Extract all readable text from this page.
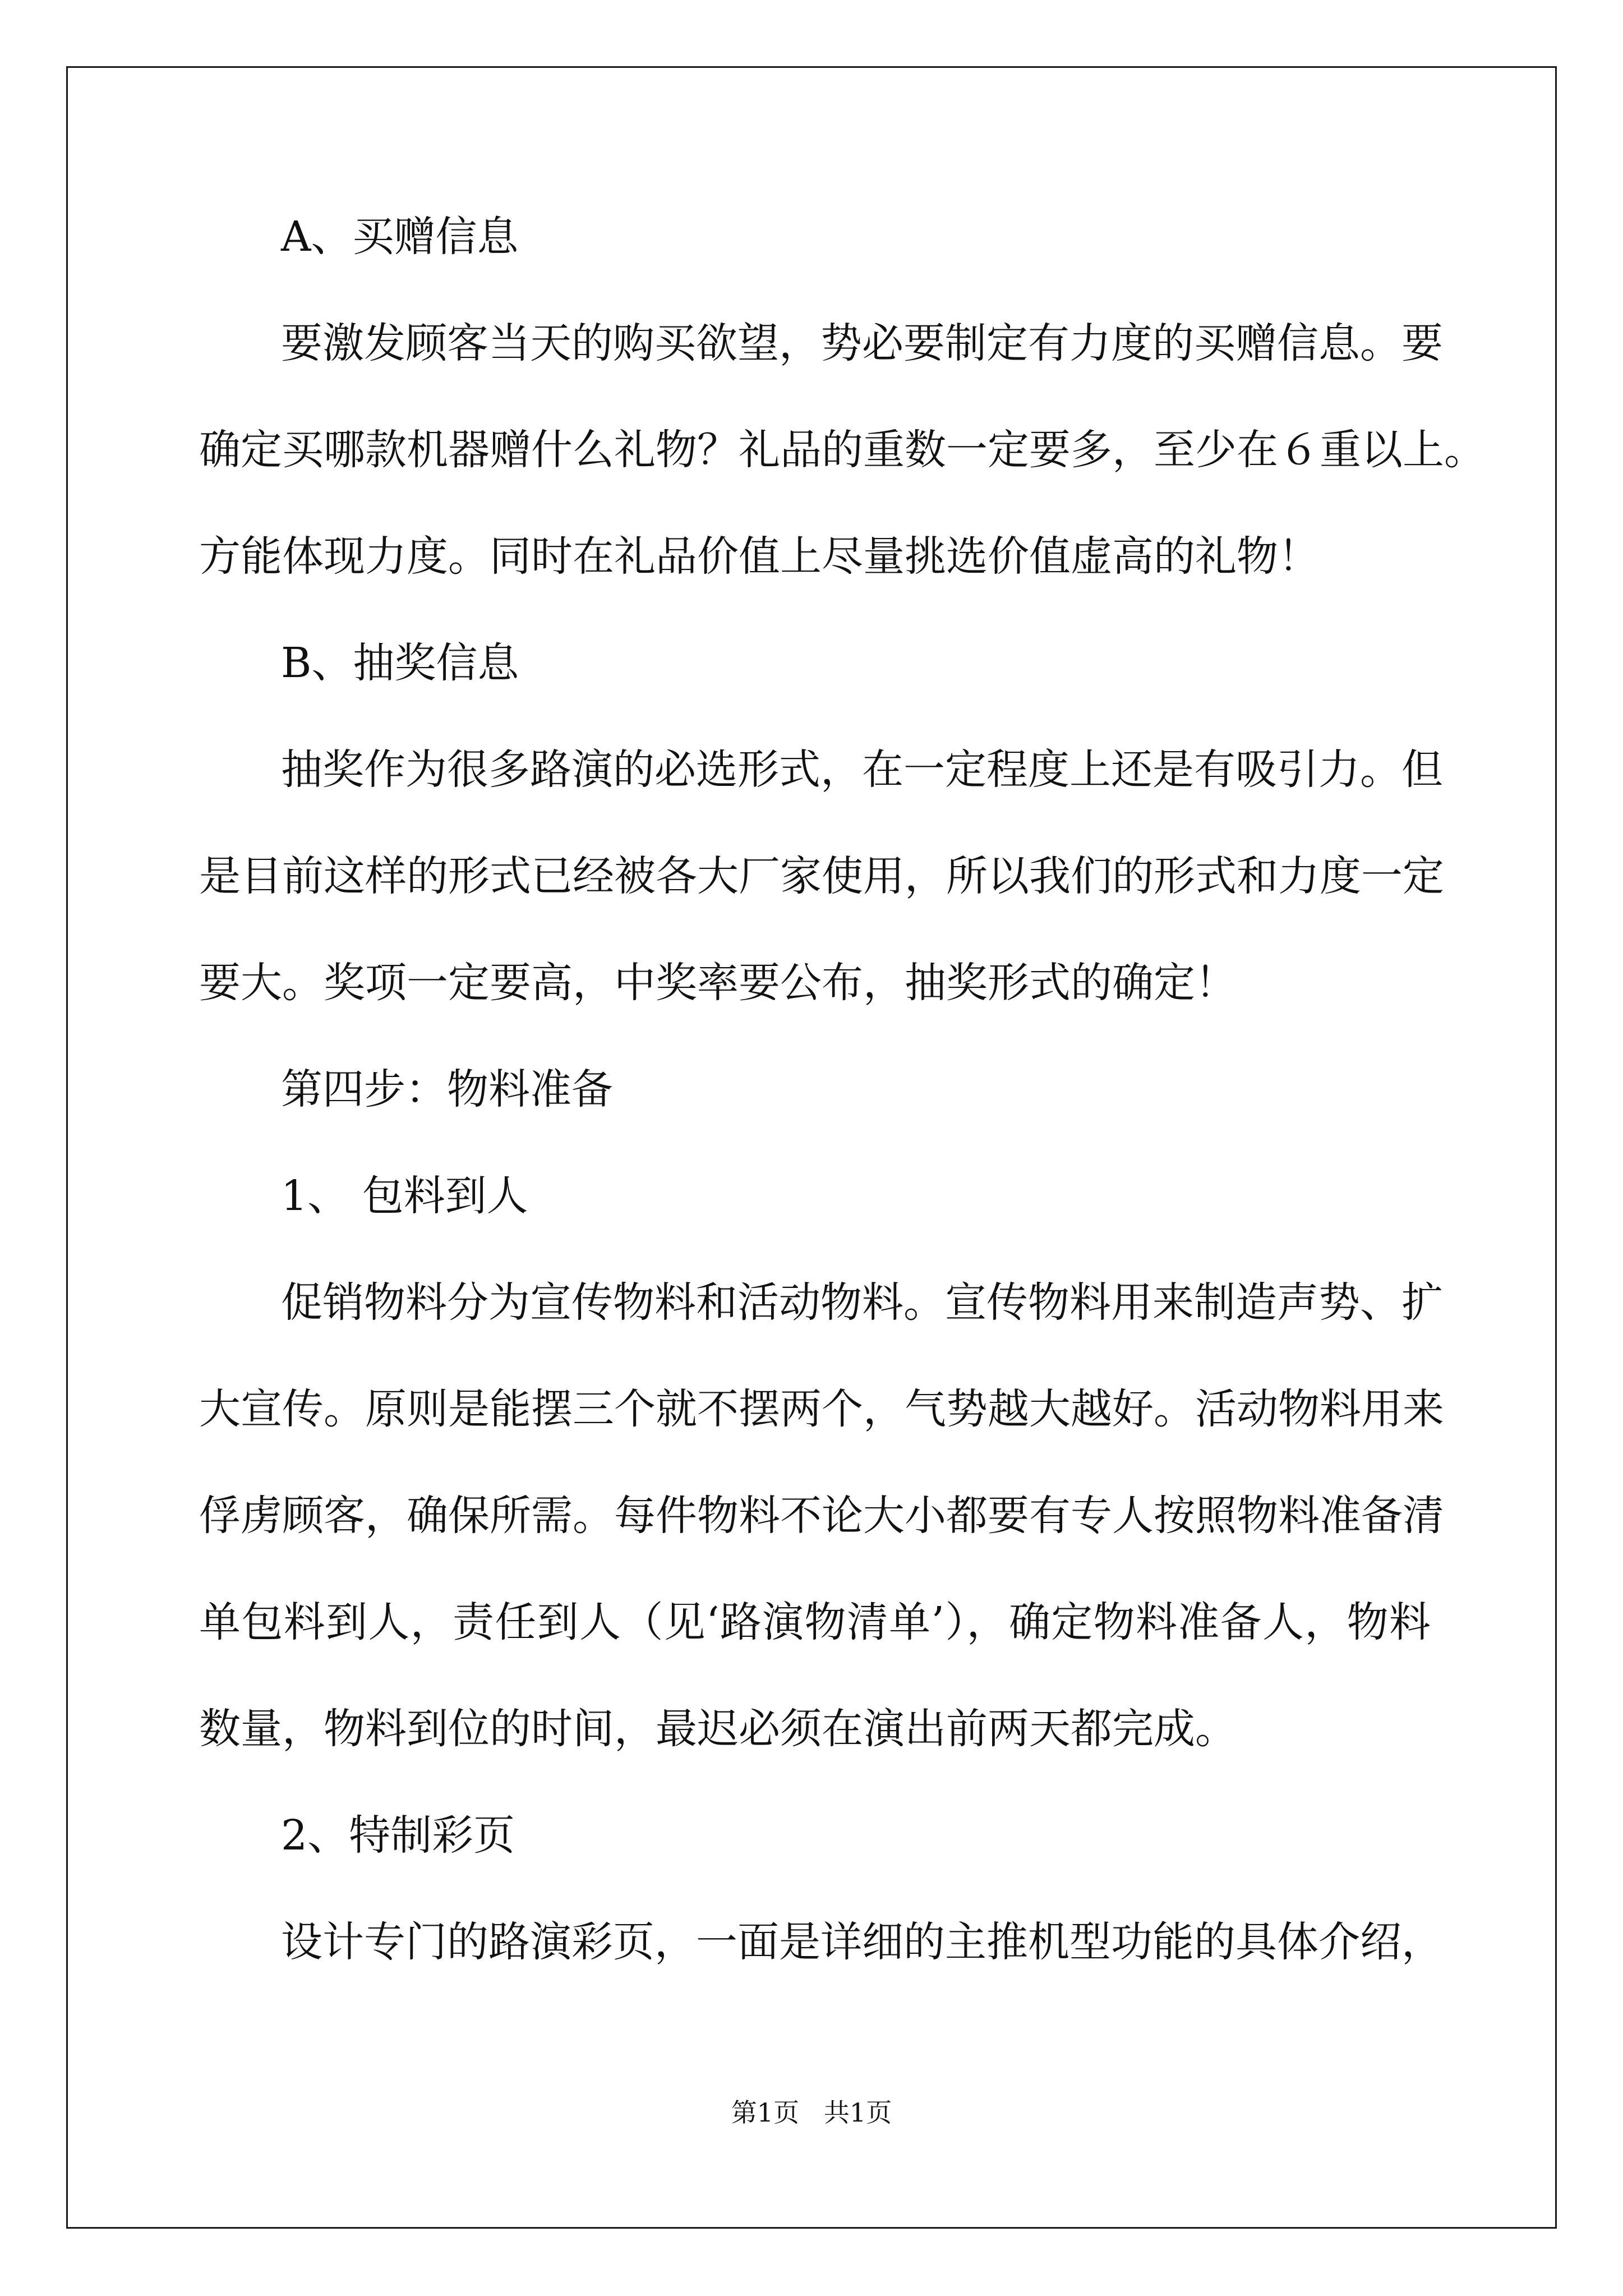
A、买赠信息
要激发顾客当天的购买欲望，势必要制定有力度的买赠信息。要
确定买哪款机器赠什么礼物？礼品的重数一定要多，至少在６重以上。
方能体现力度。同时在礼品价值上尽量挑选价值虚高的礼物！
B、抽奖信息
抽奖作为很多路演的必选形式，在一定程度上还是有吸引力。但
是目前这样的形式已经被各大厂家使用，所以我们的形式和力度一定
要大。奖项一定要高，中奖率要公布，抽奖形式的确定！
第四步：物料准备
1、 包料到人
促销物料分为宣传物料和活动物料。宣传物料用来制造声势、扩
大宣传。原则是能摆三个就不摆两个，气势越大越好。活动物料用来
俘虏顾客，确保所需。每件物料不论大小都要有专人按照物料准备清
单包料到人，责任到人（见‘路演物清单’），确定物料准备人，物料
数量，物料到位的时间，最迟必须在演出前两天都完成。
2、特制彩页
设计专门的路演彩页，一面是详细的主推机型功能的具体介绍，
第1页   共1页
